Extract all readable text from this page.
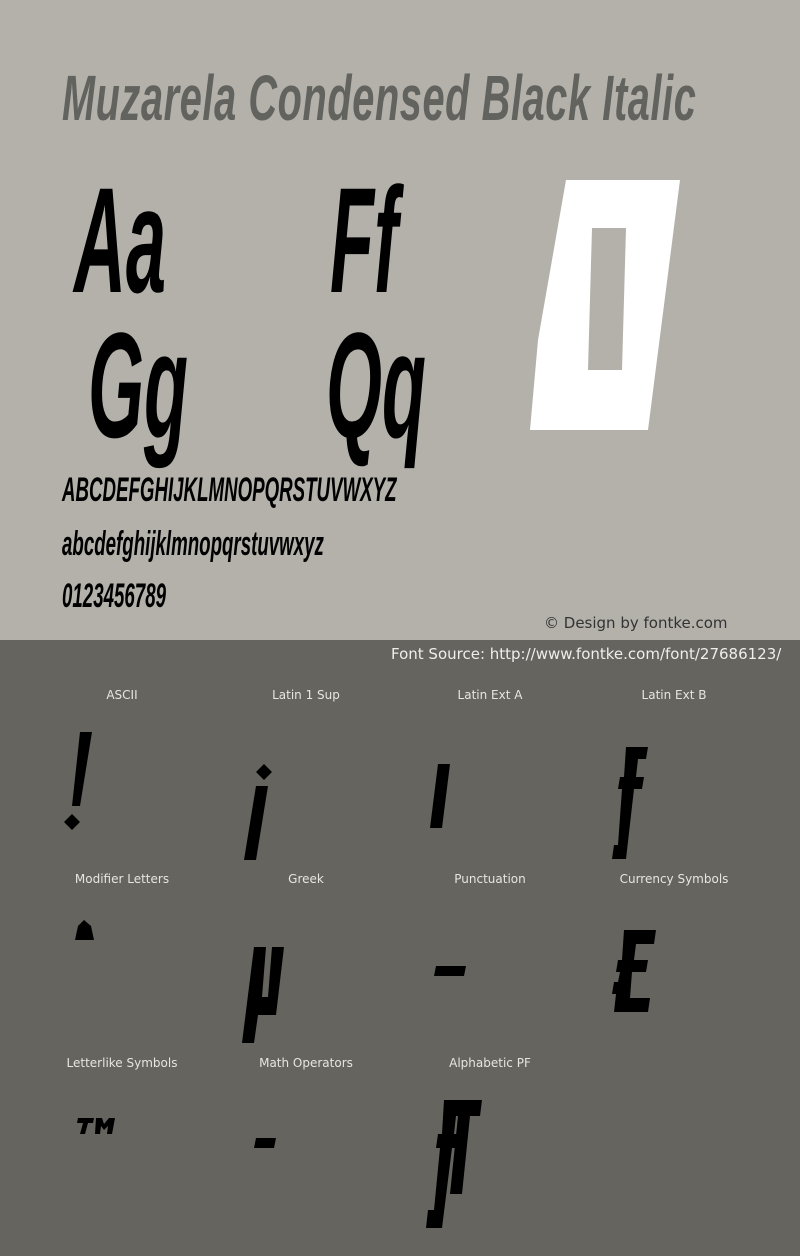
Muzarela Condensed Black Italic
Aa Ff
Gg Qq
ABCDEFGHIJKLMNOPQRSTUVWXYZ
abcdefghijklmnopqrstuvwxyz
0123456789
© Design by fontke.com
Font Source: http://www.fontke.com/font/27686123/
ASCII	Latin 1 Sup	Latin Ext A	Latin Ext B
Modifier Letters	Greek	Punctuation	Currency Symbols
Letterlike Symbols	Math Operators	Alphabetic PF
